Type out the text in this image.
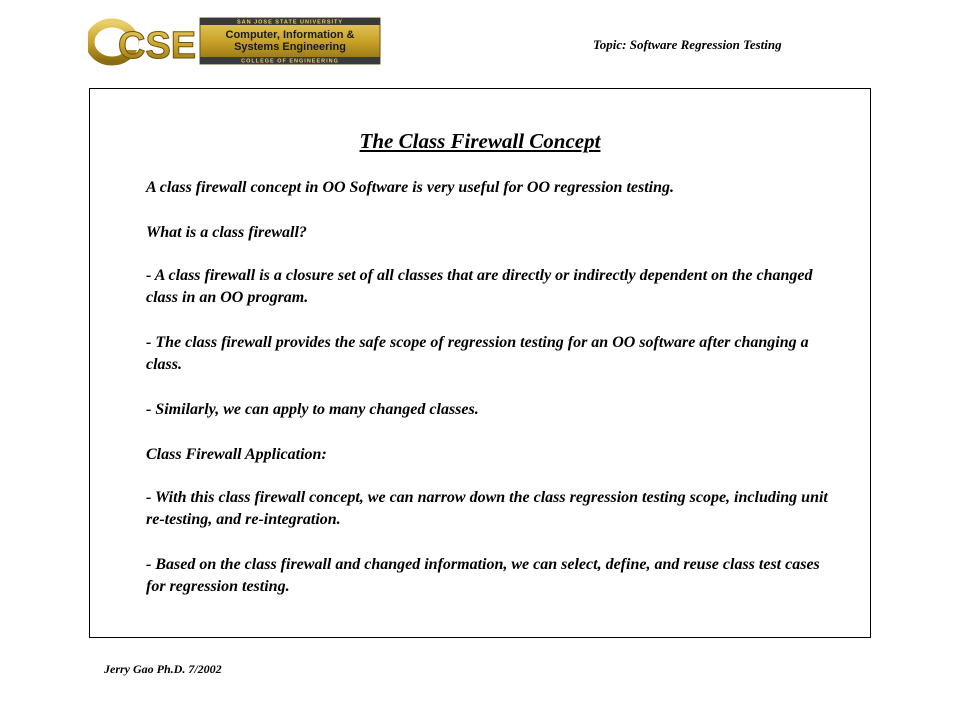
CSE
SAN JOSE STATE UNIVERSITY
Computer, Information &
Systems Engineering
COLLEGE OF ENGINEERING
Topic: Software Regression Testing
The Class Firewall Concept

A class firewall concept in OO Software is very useful for OO regression testing.

What is a class firewall?

- A class firewall is a closure set of all classes that are directly or indirectly dependent on the changed class in an OO program.

- The class firewall provides the safe scope of regression testing for an OO software after changing a class.

- Similarly, we can apply to many changed classes.

Class Firewall Application:

- With this class firewall concept, we can narrow down the class regression testing scope, including unit re-testing, and re-integration.

- Based on the class firewall and changed information, we can select, define, and reuse class test cases for regression testing.

Jerry Gao Ph.D. 7/2002
